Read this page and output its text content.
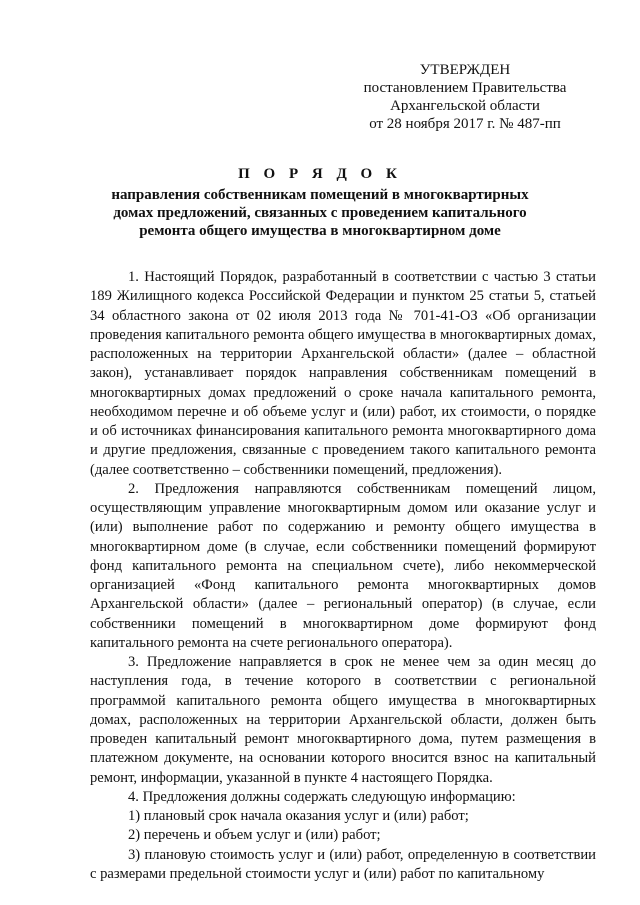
УТВЕРЖДЕН
постановлением Правительства
Архангельской области
от 28 ноября 2017 г. № 487-пп
П О Р Я Д О К
направления собственникам помещений в многоквартирных
домах предложений, связанных с проведением капитального
ремонта общего имущества в многоквартирном доме

1. Настоящий Порядок, разработанный в соответствии с частью 3 статьи 189 Жилищного кодекса Российской Федерации и пунктом 25 статьи 5, статьей 34 областного закона от 02 июля 2013 года № 701-41-ОЗ «Об организации проведения капитального ремонта общего имущества в многоквартирных домах, расположенных на территории Архангельской области» (далее – областной закон), устанавливает порядок направления собственникам помещений в многоквартирных домах предложений о сроке начала капитального ремонта, необходимом перечне и об объеме услуг и (или) работ, их стоимости, о порядке и об источниках финансирования капитального ремонта многоквартирного дома и другие предложения, связанные с проведением такого капитального ремонта (далее соответственно – собственники помещений, предложения).

2. Предложения направляются собственникам помещений лицом, осуществляющим управление многоквартирным домом или оказание услуг и (или) выполнение работ по содержанию и ремонту общего имущества в многоквартирном доме (в случае, если собственники помещений формируют фонд капитального ремонта на специальном счете), либо некоммерческой организацией «Фонд капитального ремонта многоквартирных домов Архангельской области» (далее – региональный оператор) (в случае, если собственники помещений в многоквартирном доме формируют фонд капитального ремонта на счете регионального оператора).

3. Предложение направляется в срок не менее чем за один месяц до наступления года, в течение которого в соответствии с региональной программой капитального ремонта общего имущества в многоквартирных домах, расположенных на территории Архангельской области, должен быть проведен капитальный ремонт многоквартирного дома, путем размещения в платежном документе, на основании которого вносится взнос на капитальный ремонт, информации, указанной в пункте 4 настоящего Порядка.

4. Предложения должны содержать следующую информацию:

1) плановый срок начала оказания услуг и (или) работ;

2) перечень и объем услуг и (или) работ;

3) плановую стоимость услуг и (или) работ, определенную в соответствии с размерами предельной стоимости услуг и (или) работ по капитальному
